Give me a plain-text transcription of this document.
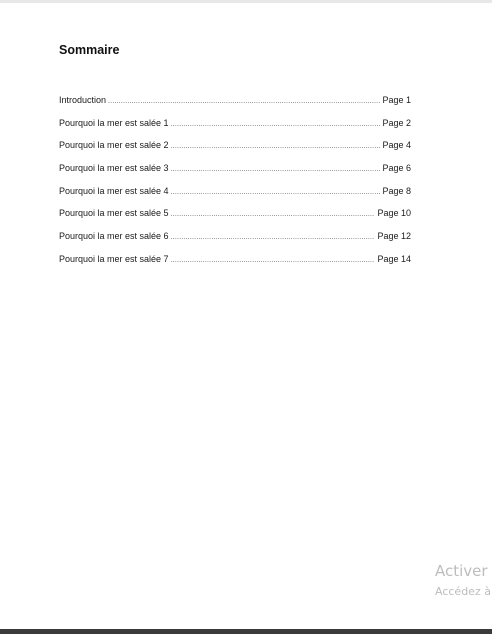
Sommaire
Introduction .....	Page 1
Pourquoi la mer est salée 1 .....	Page 2
Pourquoi la mer est salée 2 .....	Page 4
Pourquoi la mer est salée 3 .....	Page 6
Pourquoi la mer est salée 4 .....	Page 8
Pourquoi la mer est salée 5 .....	Page 10
Pourquoi la mer est salée 6 .....	Page 12
Pourquoi la mer est salée 7 .....	Page 14
Activer
Accédez à
